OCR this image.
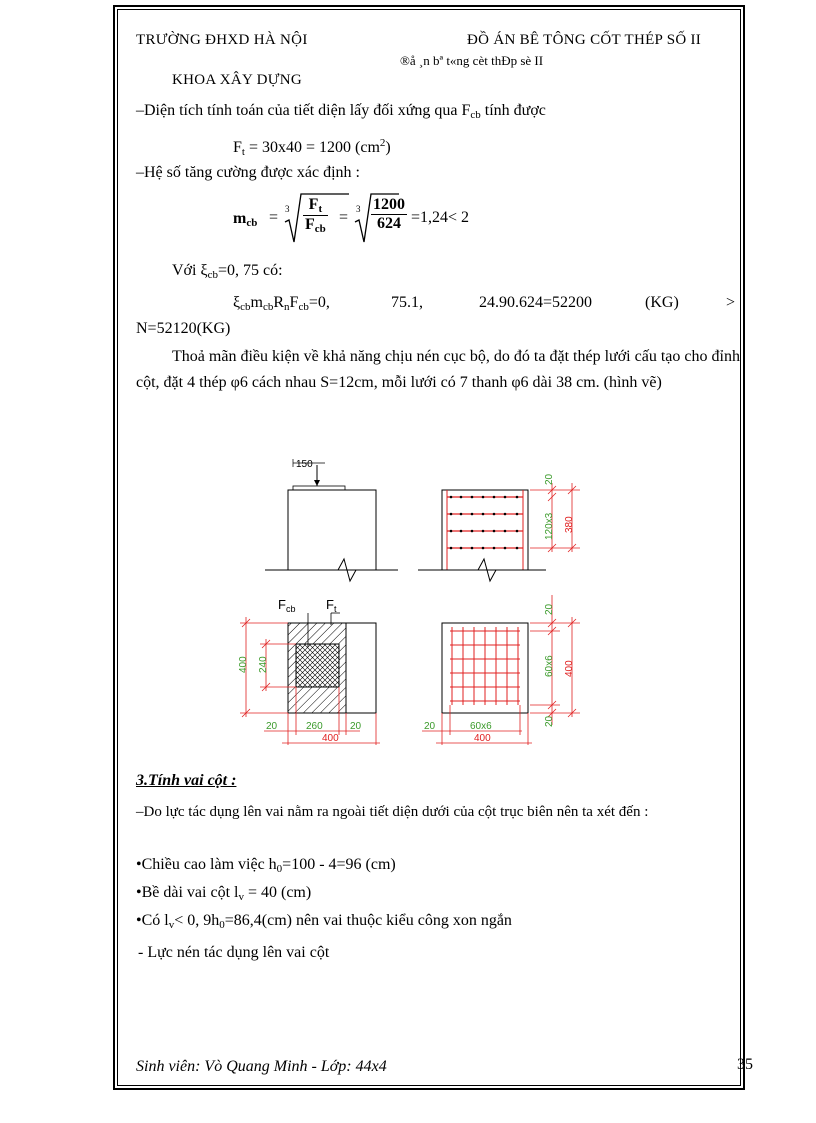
TRƯỜNG ĐHXD HÀ NỘI	ĐỒ ÁN BÊ TÔNG CỐT THÉP SỐ II
®å ¸n bª t«ng cèt thÐp sè II
KHOA XÂY DỰNG
–Diện tích tính toán của tiết diện lấy đối xứng qua $F_{cb}$ tính được
$F_t = 30x40 = 1200$ $(cm^2)$
–Hệ số tăng cường được xác định :
$m_{cb} = 3$	$F_t$
$F_{cb}$
= $3 \frac{1200}{624} =1,24< 2$
Với $\xi_{cb}=0$, 75 có:
$\xi_{cb}m_{cb}R_nF_{cb}=0$,	75.1,	24.90.624=52200	(KG)	>
N=52120(KG)
Thoả mãn điều kiện về khả năng chịu nén cục bộ, do đó ta đặt thép lưới cấu tạo cho đỉnh cột, đặt 4 thép φ6 cách nhau S=12cm, mỗi lưới có 7 thanh φ6 dài 38 cm. (hình vẽ)
150
20
120x3 380
$F_{cb}$ $F_t$
400 240
20
60x6 400
20
20	260	20
400
20	60x6
400
3.Tính vai cột :
–Do lực tác dụng lên vai nằm ra ngoài tiết diện dưới của cột trục biên nên ta xét đến :
•Chiều cao làm việc $h_0=100 - 4=96$ (cm)
•Bề dài vai cột $l_v = 40$ (cm)
•Có $l_v< 0$, $9h_0=86,4(cm)$ nên vai thuộc kiểu công xon ngắn
- Lực nén tác dụng lên vai cột
Sinh viên: Vò Quang Minh - Lớp: 44x4	35
